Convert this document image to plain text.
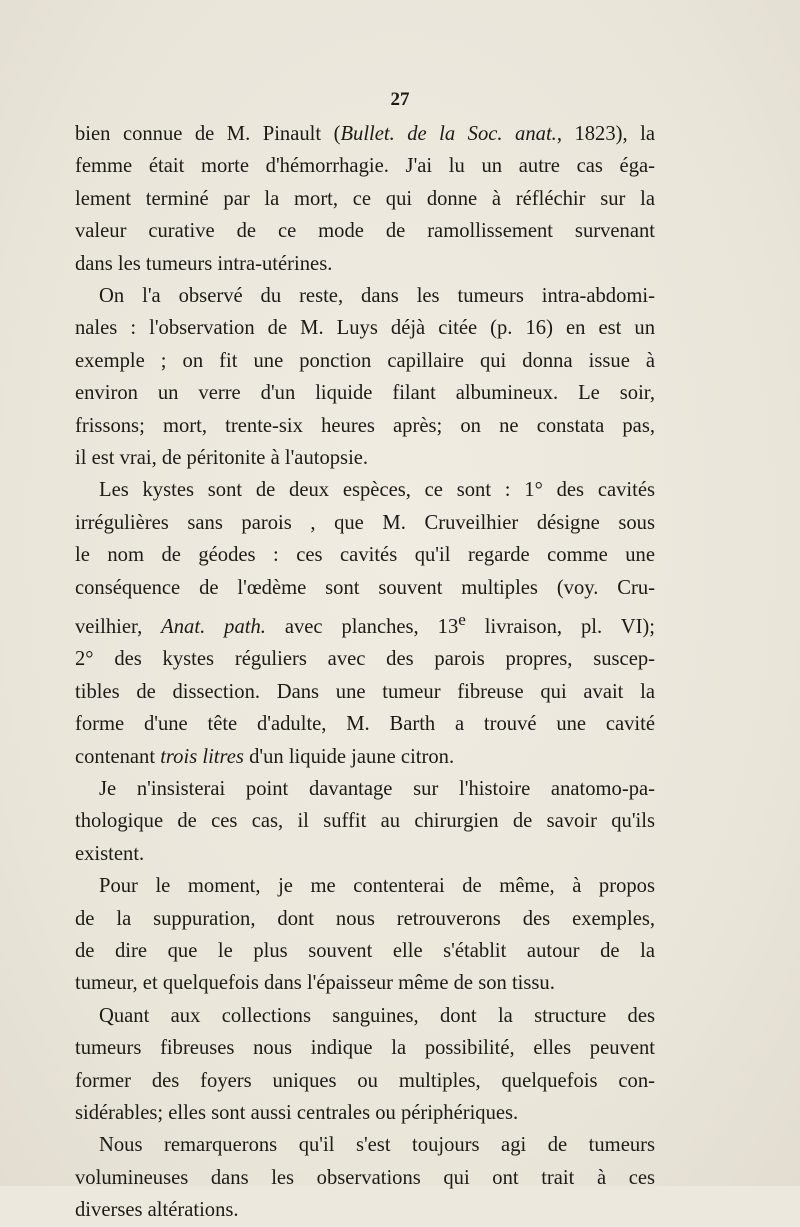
27
bien connue de M. Pinault (Bullet. de la Soc. anat., 1823), la
femme était morte d'hémorrhagie. J'ai lu un autre cas éga-
lement terminé par la mort, ce qui donne à réfléchir sur la
valeur curative de ce mode de ramollissement survenant
dans les tumeurs intra-utérines.
On l'a observé du reste, dans les tumeurs intra-abdomi-
nales : l'observation de M. Luys déjà citée (p. 16) en est un
exemple ; on fit une ponction capillaire qui donna issue à
environ un verre d'un liquide filant albumineux. Le soir,
frissons; mort, trente-six heures après; on ne constata pas,
il est vrai, de péritonite à l'autopsie.
Les kystes sont de deux espèces, ce sont : 1° des cavités
irrégulières sans parois , que M. Cruveilhier désigne sous
le nom de géodes : ces cavités qu'il regarde comme une
conséquence de l'œdème sont souvent multiples (voy. Cru-
veilhier, Anat. path. avec planches, 13e livraison, pl. VI);
2° des kystes réguliers avec des parois propres, suscep-
tibles de dissection. Dans une tumeur fibreuse qui avait la
forme d'une tête d'adulte, M. Barth a trouvé une cavité
contenant trois litres d'un liquide jaune citron.
Je n'insisterai point davantage sur l'histoire anatomo-pa-
thologique de ces cas, il suffit au chirurgien de savoir qu'ils
existent.
Pour le moment, je me contenterai de même, à propos
de la suppuration, dont nous retrouverons des exemples,
de dire que le plus souvent elle s'établit autour de la
tumeur, et quelquefois dans l'épaisseur même de son tissu.
Quant aux collections sanguines, dont la structure des
tumeurs fibreuses nous indique la possibilité, elles peuvent
former des foyers uniques ou multiples, quelquefois con-
sidérables; elles sont aussi centrales ou périphériques.
Nous remarquerons qu'il s'est toujours agi de tumeurs
volumineuses dans les observations qui ont trait à ces
diverses altérations.
